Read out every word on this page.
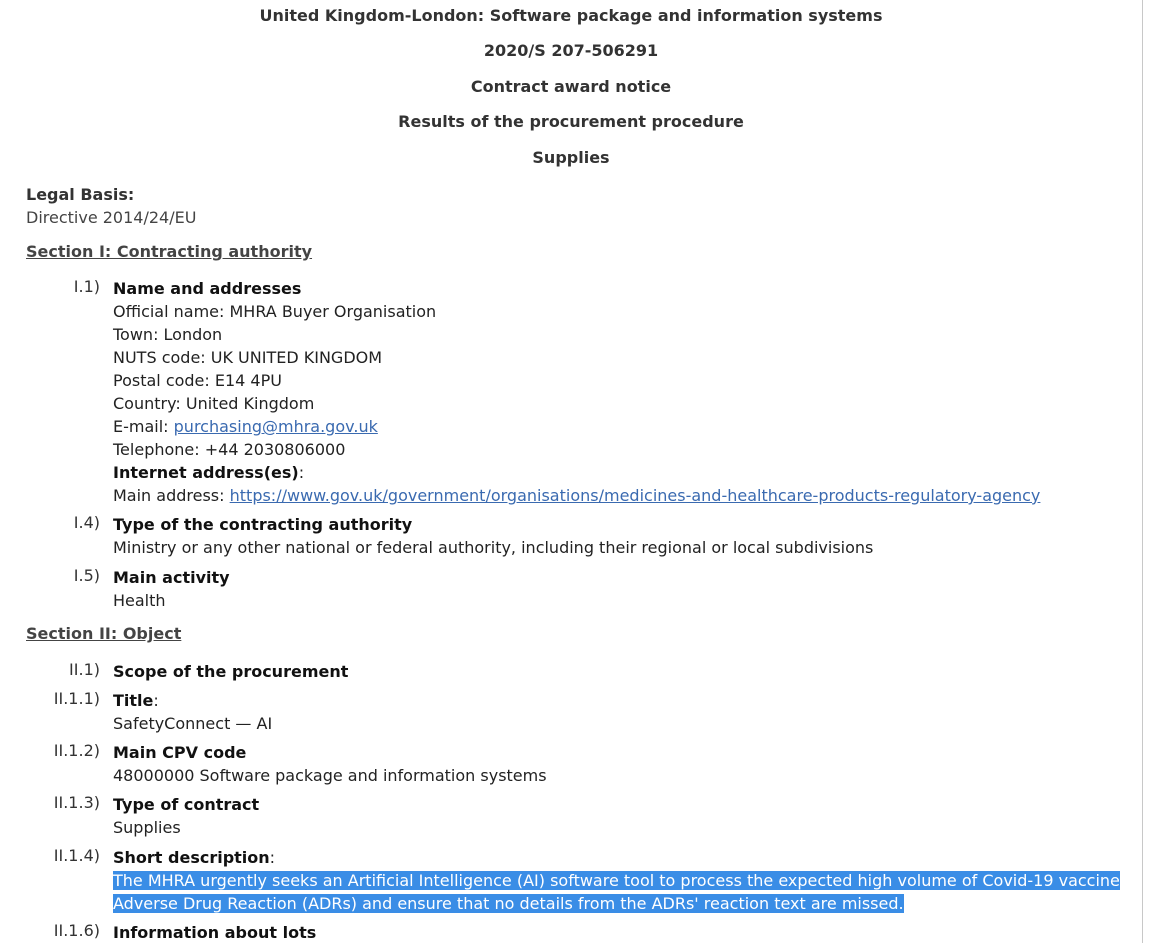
United Kingdom-London: Software package and information systems
2020/S 207-506291
Contract award notice
Results of the procurement procedure
Supplies
Legal Basis:
Directive 2014/24/EU
Section I: Contracting authority
I.1) Name and addresses
Official name: MHRA Buyer Organisation
Town: London
NUTS code: UK UNITED KINGDOM
Postal code: E14 4PU
Country: United Kingdom
E-mail: purchasing@mhra.gov.uk
Telephone: +44 2030806000
Internet address(es):
Main address: https://www.gov.uk/government/organisations/medicines-and-healthcare-products-regulatory-agency
I.4) Type of the contracting authority
Ministry or any other national or federal authority, including their regional or local subdivisions
I.5) Main activity
Health
Section II: Object
II.1) Scope of the procurement
II.1.1) Title:
SafetyConnect — AI
II.1.2) Main CPV code
48000000 Software package and information systems
II.1.3) Type of contract
Supplies
II.1.4) Short description:
The MHRA urgently seeks an Artificial Intelligence (AI) software tool to process the expected high volume of Covid-19 vaccine
Adverse Drug Reaction (ADRs) and ensure that no details from the ADRs' reaction text are missed.
II.1.6) Information about lots
